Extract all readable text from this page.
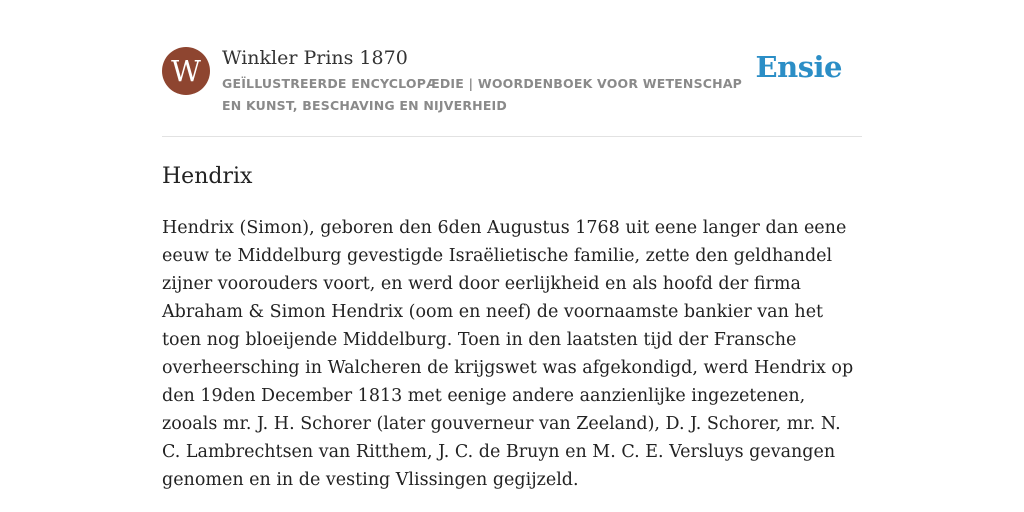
W	Winkler Prins 1870
GEÏLLUSTREERDE ENCYCLOPÆDIE | WOORDENBOEK VOOR WETENSCHAP EN KUNST, BESCHAVING EN NIJVERHEID
Ensie
Hendrix

Hendrix (Simon), geboren den 6den Augustus 1768 uit eene langer dan eene eeuw te Middelburg gevestigde Israëlietische familie, zette den geldhandel zijner voorouders voort, en werd door eerlijkheid en als hoofd der firma Abraham & Simon Hendrix (oom en neef) de voornaamste bankier van het toen nog bloeijende Middelburg. Toen in den laatsten tijd der Fransche overheersching in Walcheren de krijgswet was afgekondigd, werd Hendrix op den 19den December 1813 met eenige andere aanzienlijke ingezetenen, zooals mr. J. H. Schorer (later gouverneur van Zeeland), D. J. Schorer, mr. N. C. Lambrechtsen van Ritthem, J. C. de Bruyn en M. C. E. Versluys gevangen genomen en in de vesting Vlissingen gegijzeld.
